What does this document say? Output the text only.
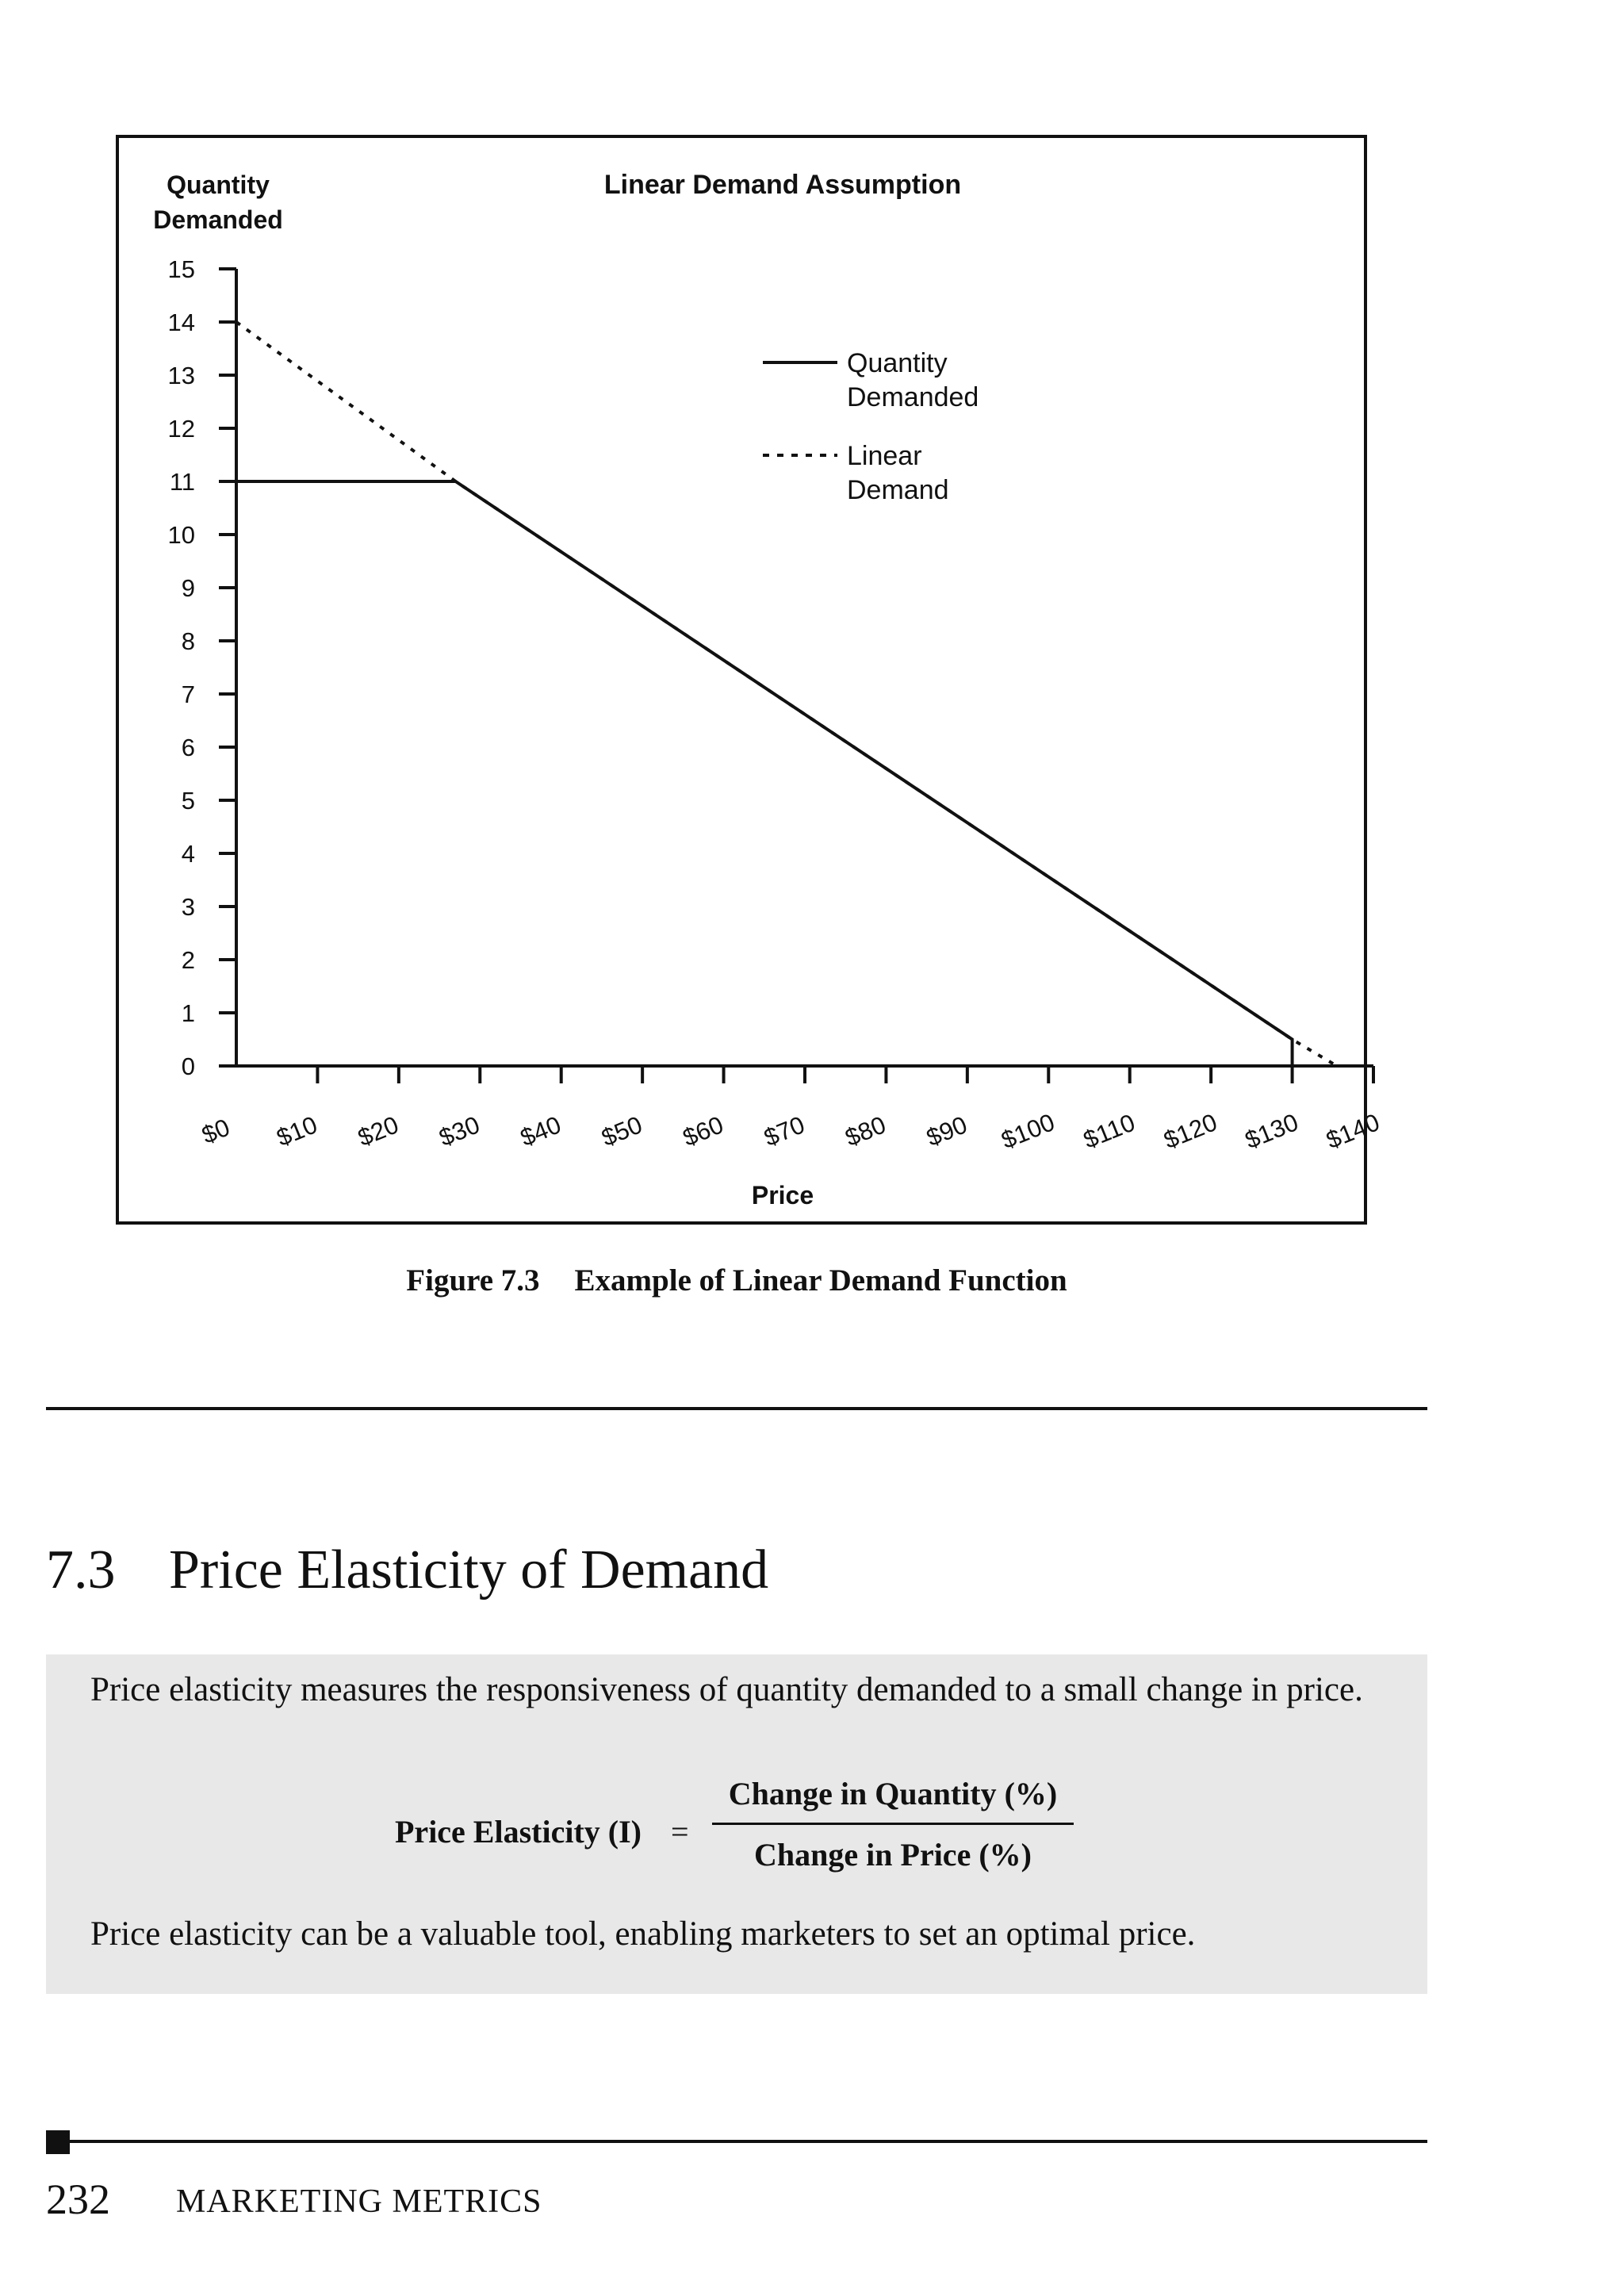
Quantity
Demanded
Linear Demand Assumption
Price
0
1
2
3
4
5
6
7
8
9
10
11
12
13
14
15
$0 $10 $20 $30 $40 $50 $60 $70 $80 $90 $100 $110 $120 $130 $140
Quantity
Demanded
Linear
Demand
Figure 7.3 Example of Linear Demand Function
7.3 Price Elasticity of Demand

Price elasticity measures the responsiveness of quantity demanded to a small change in price.

Price Elasticity (I) =
Change in Quantity (%)
Change in Price (%)

Price elasticity can be a valuable tool, enabling marketers to set an optimal price.

232 MARKETING METRICS
